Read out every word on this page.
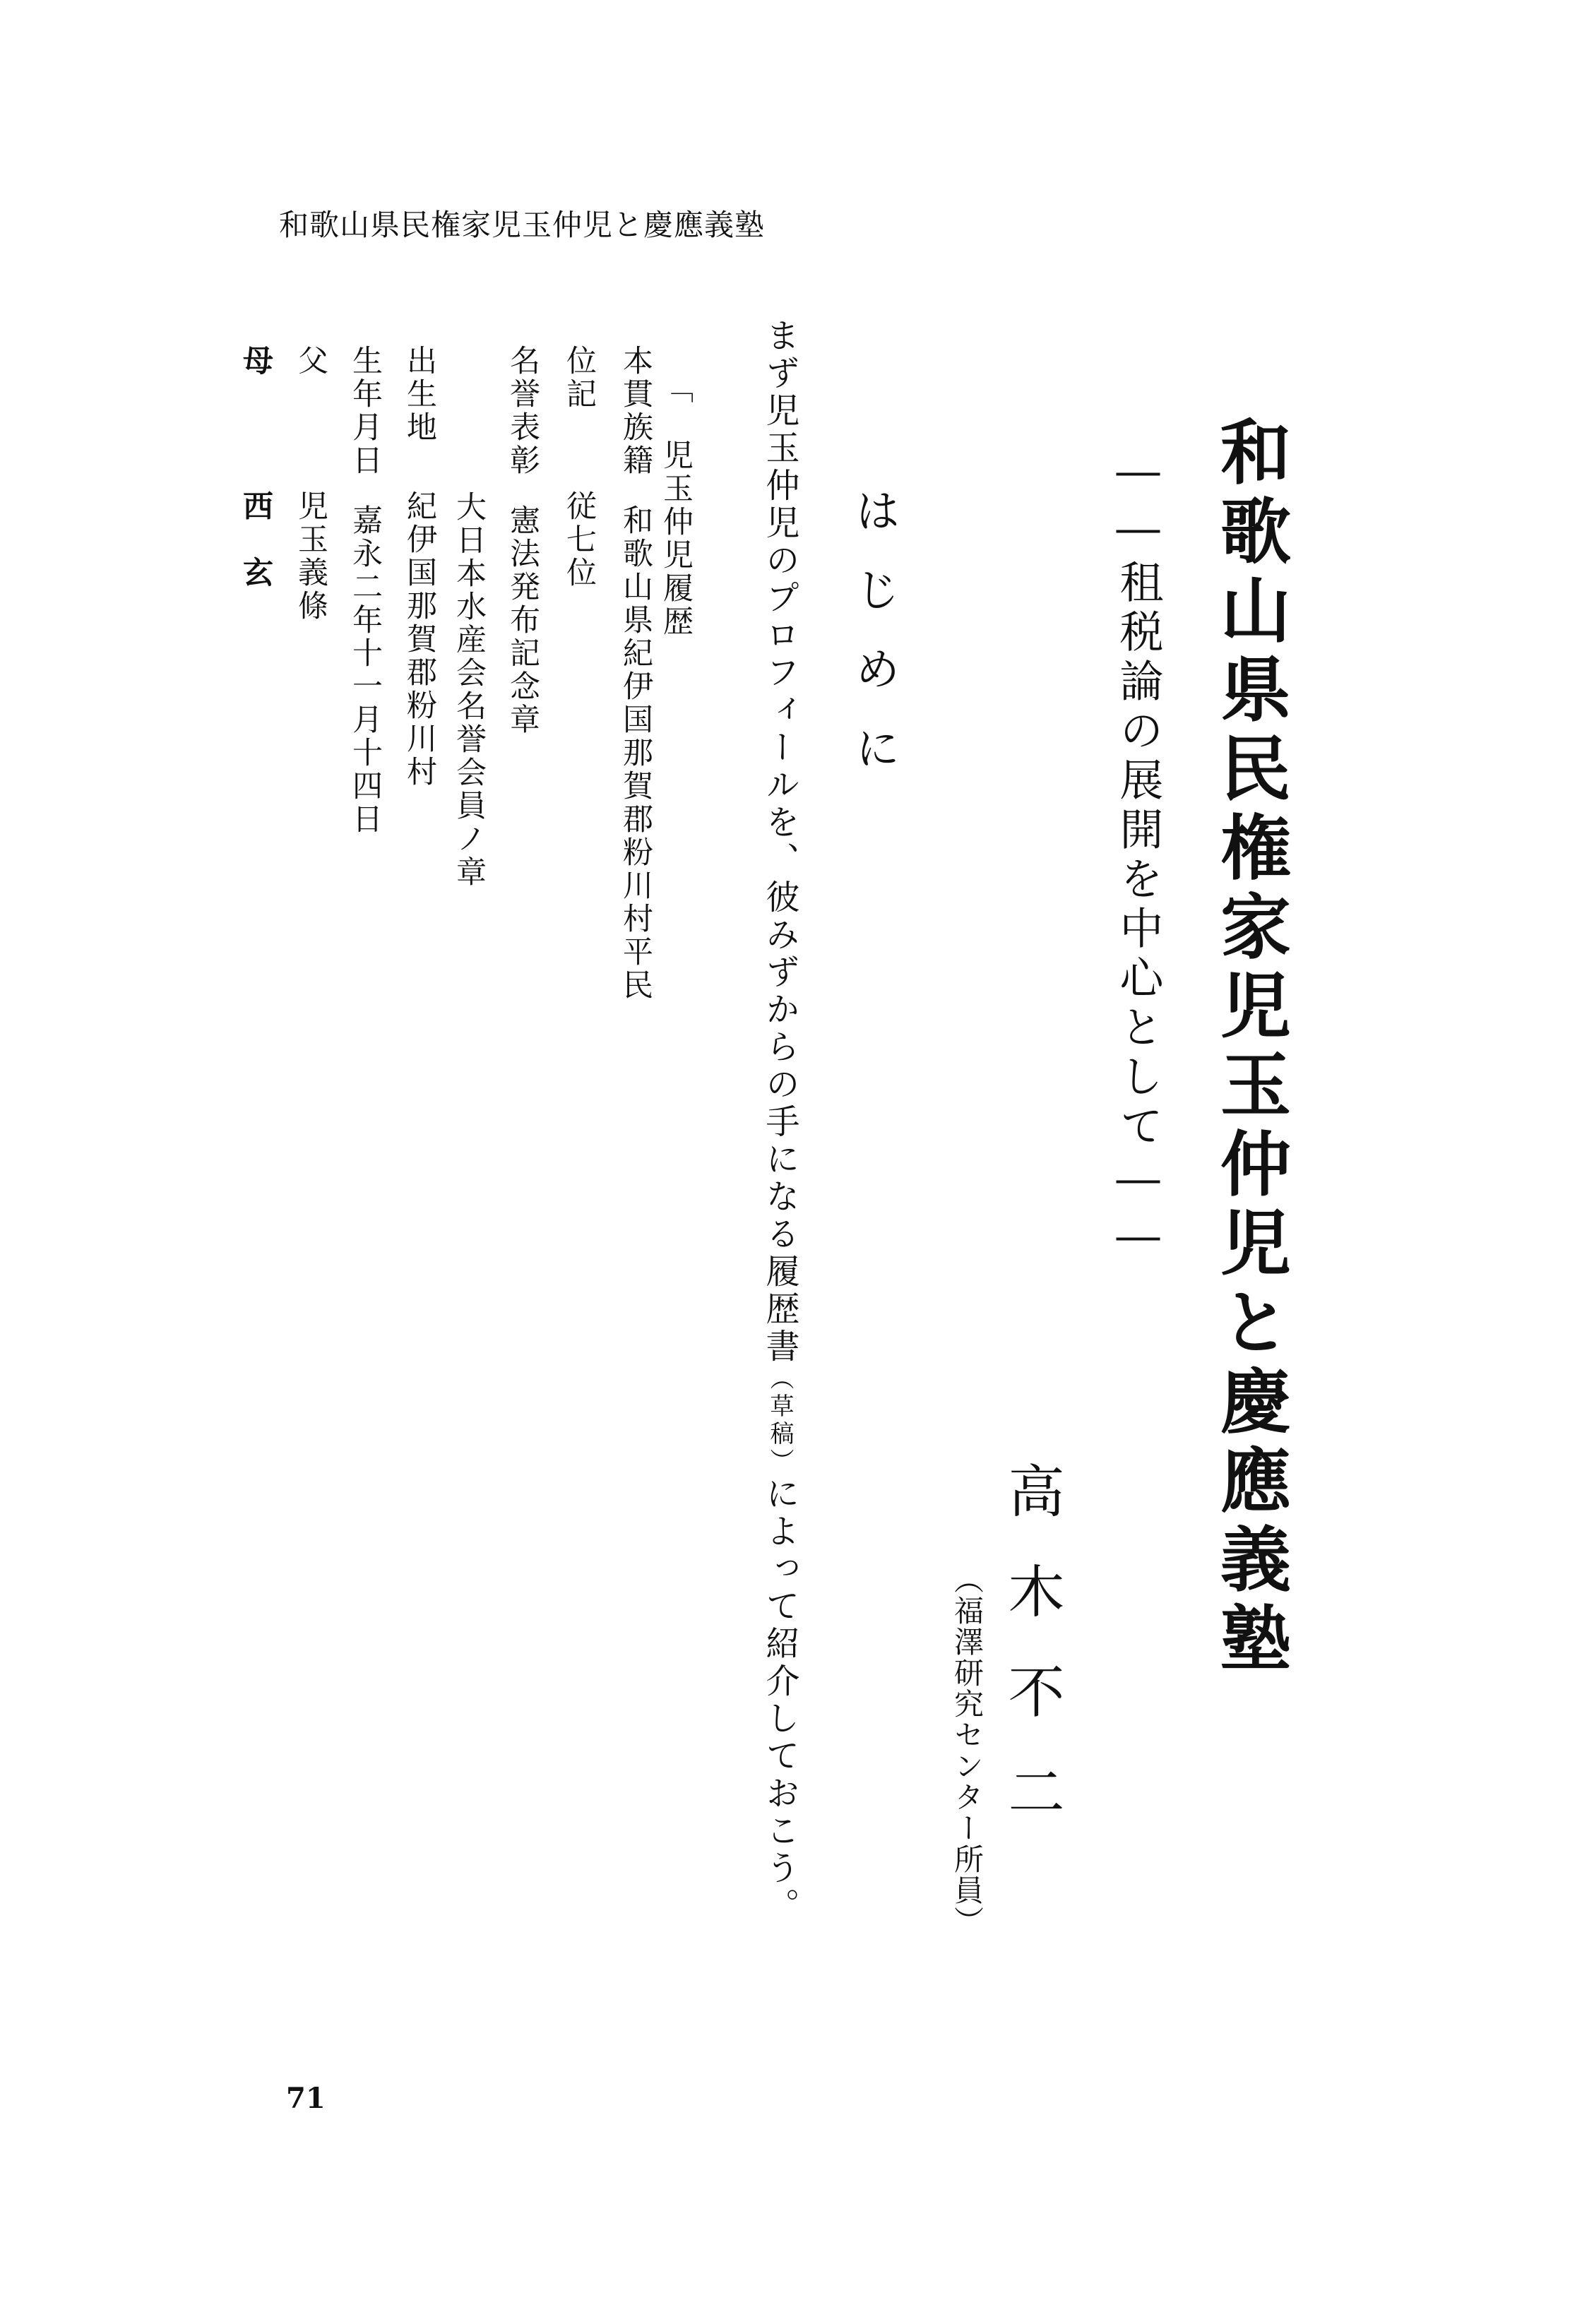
和歌山県民権家児玉仲児と慶應義塾
和歌山県民権家児玉仲児と慶應義塾
――租税論の展開を中心として――
高木不二
（福澤研究センター所員）
はじめに
まず児玉仲児のプロフィールを、彼みずからの手になる履歴書（草稿）によって紹介しておこう。
「　児玉仲児履歴
本貫族籍和歌山県紀伊国那賀郡粉川村平民
位記従七位
名誉表彰憲法発布記念章
大日本水産会名誉会員ノ章
出生地紀伊国那賀郡粉川村
生年月日嘉永二年十一月十四日
父児玉義條
母西　玄
71
